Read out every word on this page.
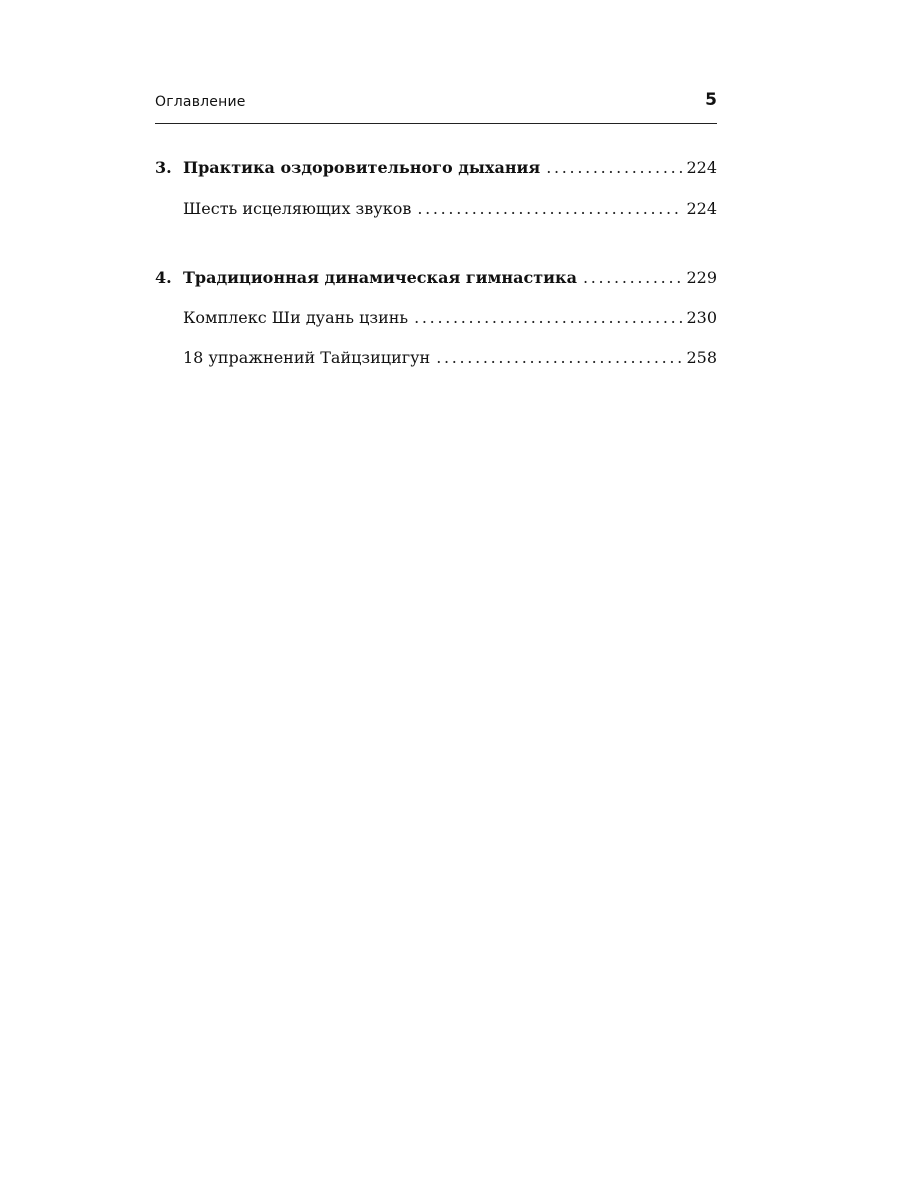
Оглавление	5
3. Практика оздоровительного дыхания . . .	224
Шесть исцеляющих звуков . . .	224
4. Традиционная динамическая гимнастика . . .	229
Комплекс Ши дуань цзинь . . .	230
18 упражнений Тайцзицигун . . .	258
